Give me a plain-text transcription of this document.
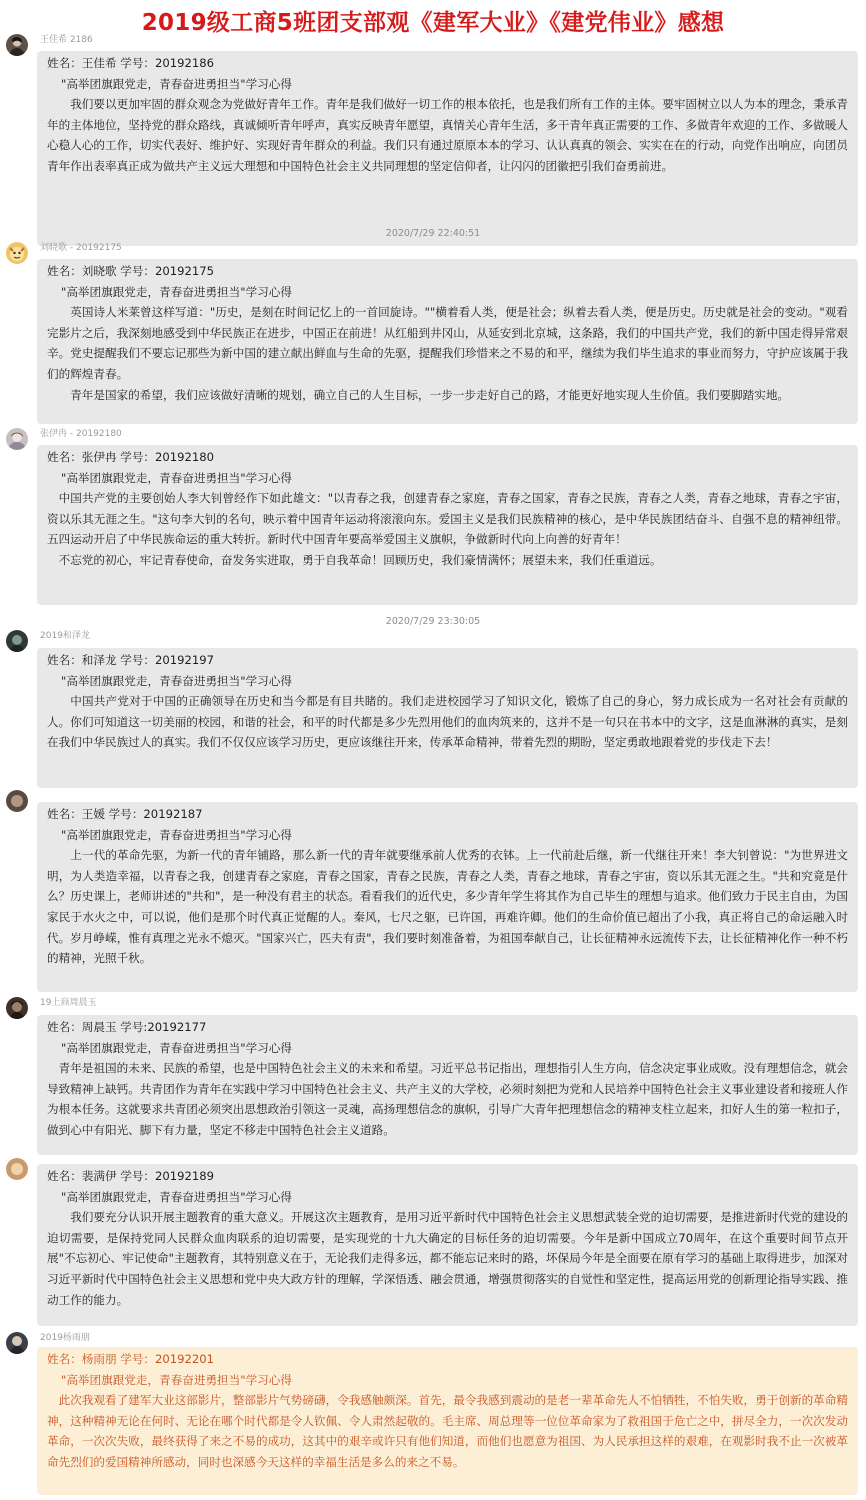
2019级工商5班团支部观《建军大业》《建党伟业》感想
王佳希 2186

姓名：王佳希 学号：20192186

"高举团旗跟党走，青春奋进勇担当"学习心得

我们要以更加牢固的群众观念为党做好青年工作。青年是我们做好一切工作的根本依托，也是我们所有工作的主体。要牢固树立以人为本的理念，秉承青年的主体地位，坚持党的群众路线，真诚倾听青年呼声，真实反映青年愿望，真情关心青年生活，多干青年真正需要的工作、多做青年欢迎的工作、多做暖人心稳人心的工作，切实代表好、维护好、实现好青年群众的利益。我们只有通过原原本本的学习、认认真真的领会、实实在在的行动，向党作出响应，向团员青年作出表率真正成为做共产主义远大理想和中国特色社会主义共同理想的坚定信仰者，让闪闪的团徽把引我们奋勇前进。

2020/7/29 22:40:51
刘晓歌 - 20192175

姓名：刘晓歌 学号：20192175

"高举团旗跟党走，青春奋进勇担当"学习心得

英国诗人米莱曾这样写道："历史，是刻在时间记忆上的一首回旋诗。""横着看人类，便是社会；纵着去看人类，便是历史。历史就是社会的变动。"观看完影片之后，我深刻地感受到中华民族正在进步，中国正在前进！从红船到井冈山，从延安到北京城，这条路，我们的中国共产党，我们的新中国走得异常艰辛。党史提醒我们不要忘记那些为新中国的建立献出鲜血与生命的先驱，提醒我们珍惜来之不易的和平，继续为我们毕生追求的事业而努力，守护应该属于我们的辉煌青春。

青年是国家的希望，我们应该做好清晰的规划，确立自己的人生目标，一步一步走好自己的路，才能更好地实现人生价值。我们要脚踏实地。

张伊冉 - 20192180

姓名：张伊冉 学号：20192180

"高举团旗跟党走，青春奋进勇担当"学习心得

中国共产党的主要创始人李大钊曾经作下如此雄文："以青春之我，创建青春之家庭，青春之国家，青春之民族，青春之人类，青春之地球，青春之宇宙，资以乐其无涯之生。"这句李大钊的名句，映示着中国青年运动将滚滚向东。爱国主义是我们民族精神的核心，是中华民族团结奋斗、自强不息的精神纽带。五四运动开启了中华民族命运的重大转折。新时代中国青年要高举爱国主义旗帜，争做新时代向上向善的好青年！

不忘党的初心，牢记青春使命，奋发务实进取，勇于自我革命！回顾历史，我们豪情满怀；展望未来，我们任重道远。

2020/7/29 23:30:05
2019和泽龙

姓名：和泽龙 学号：20192197

"高举团旗跟党走，青春奋进勇担当"学习心得

中国共产党对于中国的正确领导在历史和当今都是有目共睹的。我们走进校园学习了知识文化，锻炼了自己的身心，努力成长成为一名对社会有贡献的人。你们可知道这一切美丽的校园，和谐的社会，和平的时代都是多少先烈用他们的血肉筑来的，这并不是一句只在书本中的文字，这是血淋淋的真实，是刻在我们中华民族过人的真实。我们不仅仅应该学习历史，更应该继往开来，传承革命精神，带着先烈的期盼，坚定勇敢地跟着党的步伐走下去！

姓名：王媛 学号：20192187

"高举团旗跟党走，青春奋进勇担当"学习心得

上一代的革命先驱，为新一代的青年铺路，那么新一代的青年就要继承前人优秀的衣钵。上一代前赴后继，新一代继往开来！李大钊曾说："为世界进文明，为人类造幸福，以青春之我，创建青春之家庭，青春之国家，青春之民族，青春之人类，青春之地球，青春之宇宙，资以乐其无涯之生。"共和究竟是什么？历史课上，老师讲述的"共和"，是一种没有君主的状态。看看我们的近代史，多少青年学生将其作为自己毕生的理想与追求。他们致力于民主自由，为国家民于水火之中，可以说，他们是那个时代真正觉醒的人。秦风，七尺之躯，已许国，再难许卿。他们的生命价值已超出了小我，真正将自己的命运融入时代。岁月峥嵘，惟有真理之光永不熄灭。"国家兴亡，匹夫有责"，我们要时刻准备着，为祖国奉献自己，让长征精神永远流传下去，让长征精神化作一种不朽的精神，光照千秋。

19上商周晨玉

姓名：周晨玉 学号:20192177

"高举团旗跟党走，青春奋进勇担当"学习心得

青年是祖国的未来、民族的希望，也是中国特色社会主义的未来和希望。习近平总书记指出，理想指引人生方向，信念决定事业成败。没有理想信念，就会导致精神上缺钙。共青团作为青年在实践中学习中国特色社会主义、共产主义的大学校，必须时刻把为党和人民培养中国特色社会主义事业建设者和接班人作为根本任务。这就要求共青团必须突出思想政治引领这一灵魂，高扬理想信念的旗帜，引导广大青年把理想信念的精神支柱立起来，扣好人生的第一粒扣子，做到心中有阳光、脚下有力量，坚定不移走中国特色社会主义道路。

姓名：裴满伊 学号：20192189

"高举团旗跟党走，青春奋进勇担当"学习心得

我们要充分认识开展主题教育的重大意义。开展这次主题教育，是用习近平新时代中国特色社会主义思想武装全党的迫切需要，是推进新时代党的建设的迫切需要，是保持党同人民群众血肉联系的迫切需要，是实现党的十九大确定的目标任务的迫切需要。今年是新中国成立70周年，在这个重要时间节点开展"不忘初心、牢记使命"主题教育，其特别意义在于，无论我们走得多远，都不能忘记来时的路，坏保局今年是全面要在原有学习的基础上取得进步，加深对习近平新时代中国特色社会主义思想和党中央大政方针的理解，学深悟透、融会贯通，增强贯彻落实的自觉性和坚定性，提高运用党的创新理论指导实践、推动工作的能力。

2019杨雨朋

姓名：杨雨朋 学号：20192201

"高举团旗跟党走，青春奋进勇担当"学习心得

此次我观看了建军大业这部影片，整部影片气势磅礴，令我感触颇深。首先，最令我感到震动的是老一辈革命先人不怕牺牲，不怕失败，勇于创新的革命精神，这种精神无论在何时、无论在哪个时代都是令人钦佩、令人肃然起敬的。毛主席、周总理等一位位革命家为了救祖国于危亡之中，拼尽全力，一次次发动革命，一次次失败，最终获得了来之不易的成功，这其中的艰辛或许只有他们知道，而他们也愿意为祖国、为人民承担这样的艰难，在观影时我不止一次被革命先烈们的爱国精神所感动，同时也深感今天这样的幸福生活是多么的来之不易。
